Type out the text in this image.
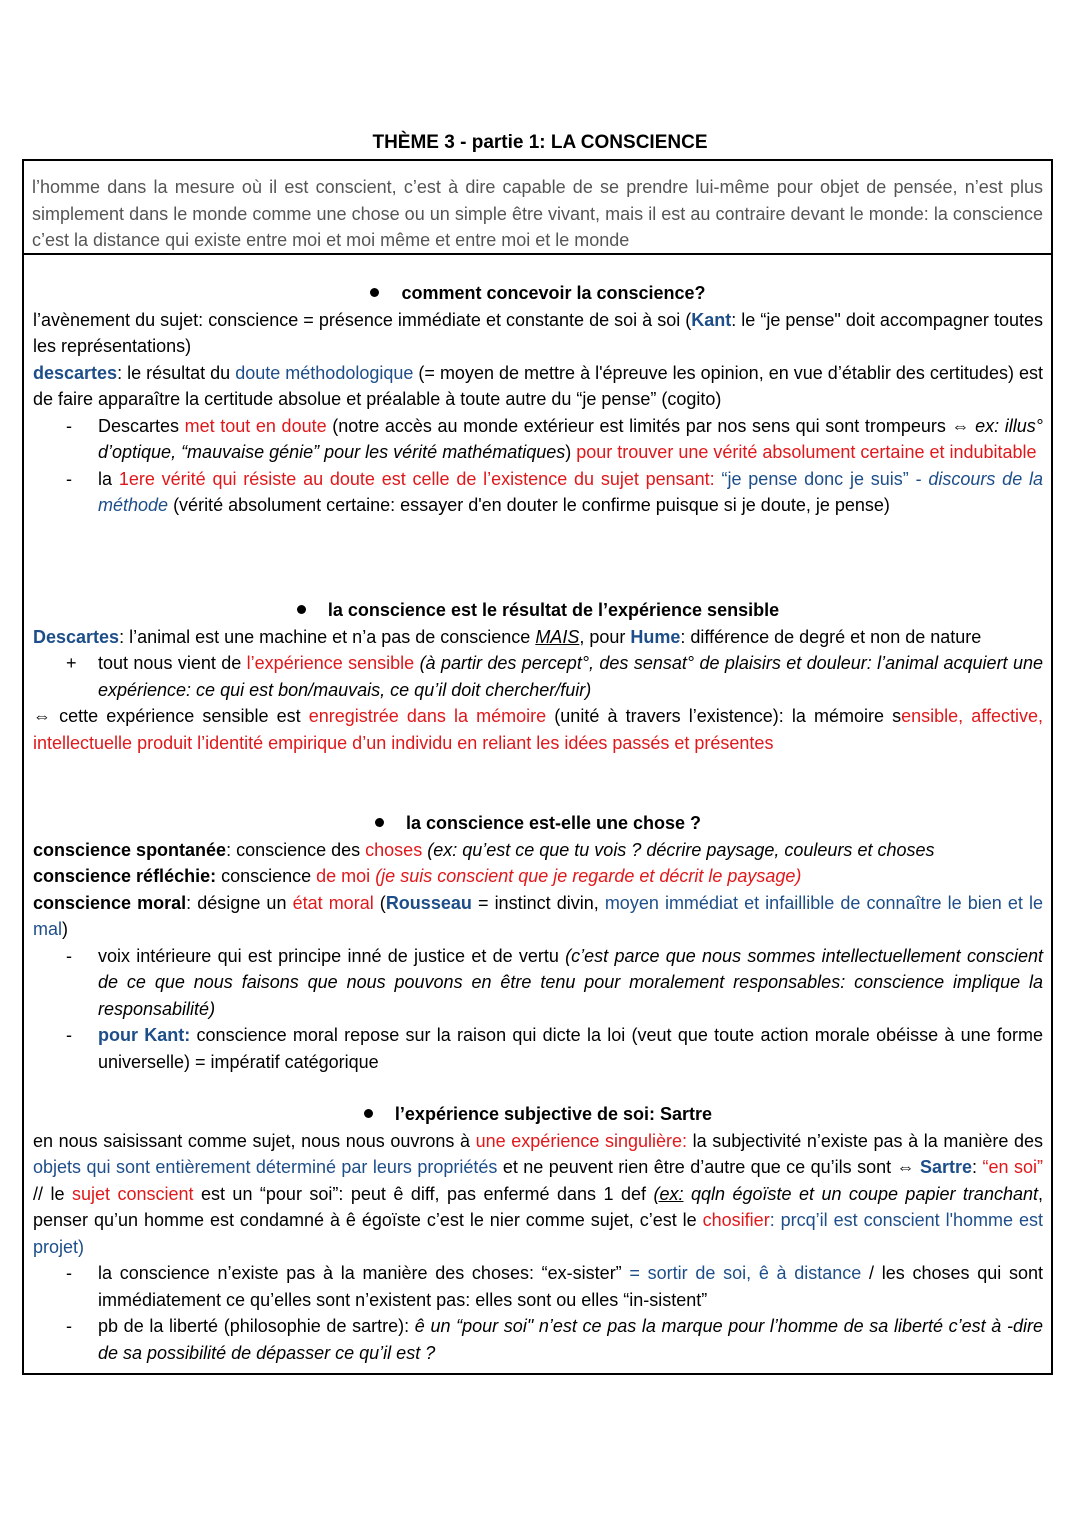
THÈME 3 - partie 1: LA CONSCIENCE

l’homme dans la mesure où il est conscient, c’est à dire capable de se prendre lui-même pour objet de pensée, n’est plus simplement dans le monde comme une chose ou un simple être vivant, mais il est au contraire devant le monde: la conscience c’est la distance qui existe entre moi et moi même et entre moi et le monde

comment concevoir la conscience?

l’avènement du sujet: conscience = présence immédiate et constante de soi à soi (Kant: le “je pense" doit accompagner toutes les représentations)

descartes: le résultat du doute méthodologique (= moyen de mettre à l'épreuve les opinion, en vue d’établir des certitudes) est de faire apparaître la certitude absolue et préalable à toute autre du “je pense” (cogito)

- Descartes met tout en doute (notre accès au monde extérieur est limités par nos sens qui sont trompeurs ⇔ ex: illus° d’optique, “mauvaise génie” pour les vérité mathématiques) pour trouver une vérité absolument certaine et indubitable
- la 1ere vérité qui résiste au doute est celle de l’existence du sujet pensant: “je pense donc je suis” - discours de la méthode (vérité absolument certaine: essayer d'en douter le confirme puisque si je doute, je pense)
la conscience est le résultat de l’expérience sensible

Descartes: l’animal est une machine et n’a pas de conscience MAIS, pour Hume: différence de degré et non de nature

+ tout nous vient de l’expérience sensible (à partir des percept°, des sensat° de plaisirs et douleur: l’animal acquiert une expérience: ce qui est bon/mauvais, ce qu’il doit chercher/fuir)

⇔ cette expérience sensible est enregistrée dans la mémoire (unité à travers l’existence): la mémoire sensible, affective, intellectuelle produit l’identité empirique d’un individu en reliant les idées passés et présentes

la conscience est-elle une chose ?

conscience spontanée: conscience des choses (ex: qu’est ce que tu vois ? décrire paysage, couleurs et choses

conscience réfléchie: conscience de moi (je suis conscient que je regarde et décrit le paysage)

conscience moral: désigne un état moral (Rousseau = instinct divin, moyen immédiat et infaillible de connaître le bien et le mal)

- voix intérieure qui est principe inné de justice et de vertu (c’est parce que nous sommes intellectuellement conscient de ce que nous faisons que nous pouvons en être tenu pour moralement responsables: conscience implique la responsabilité)
- pour Kant: conscience moral repose sur la raison qui dicte la loi (veut que toute action morale obéisse à une forme universelle) = impératif catégorique
l’expérience subjective de soi: Sartre

en nous saisissant comme sujet, nous nous ouvrons à une expérience singulière: la subjectivité n’existe pas à la manière des objets qui sont entièrement déterminé par leurs propriétés et ne peuvent rien être d’autre que ce qu’ils sont ⇔ Sartre: “en soi” // le sujet conscient est un “pour soi”: peut ê diff, pas enfermé dans 1 def (ex: qqln égoïste et un coupe papier tranchant, penser qu’un homme est condamné à ê égoïste c’est le nier comme sujet, c’est le chosifier: prcq’il est conscient l'homme est projet)

- la conscience n’existe pas à la manière des choses: “ex-sister” = sortir de soi, ê à distance / les choses qui sont immédiatement ce qu’elles sont n’existent pas: elles sont ou elles “in-sistent”
- pb de la liberté (philosophie de sartre): ê un “pour soi" n’est ce pas la marque pour l’homme de sa liberté c’est à -dire de sa possibilité de dépasser ce qu’il est ?
